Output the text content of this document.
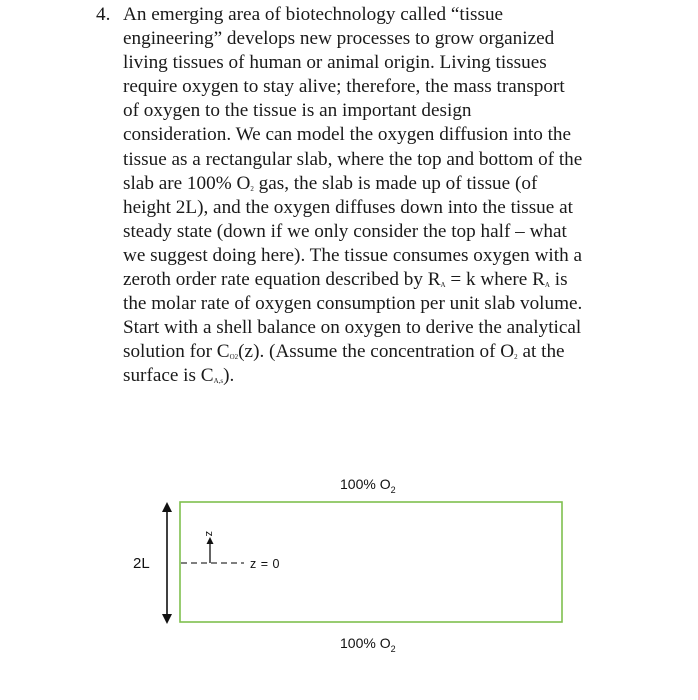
4. An emerging area of biotechnology called “tissue
engineering” develops new processes to grow organized
living tissues of human or animal origin. Living tissues
require oxygen to stay alive; therefore, the mass transport
of oxygen to the tissue is an important design
consideration. We can model the oxygen diffusion into the
tissue as a rectangular slab, where the top and bottom of the
slab are 100% $O_2$ gas, the slab is made up of tissue (of
height 2L), and the oxygen diffuses down into the tissue at
steady state (down if we only consider the top half – what
we suggest doing here). The tissue consumes oxygen with a
zeroth order rate equation described by $R_A = k$ where $R_A$ is
the molar rate of oxygen consumption per unit slab volume.
Start with a shell balance on oxygen to derive the analytical
solution for $C_{O2}(z)$. (Assume the concentration of $O_2$ at the
surface is $C_{A,s}$).
100% $O_2$
2L
z
z = 0
100% $O_2$
